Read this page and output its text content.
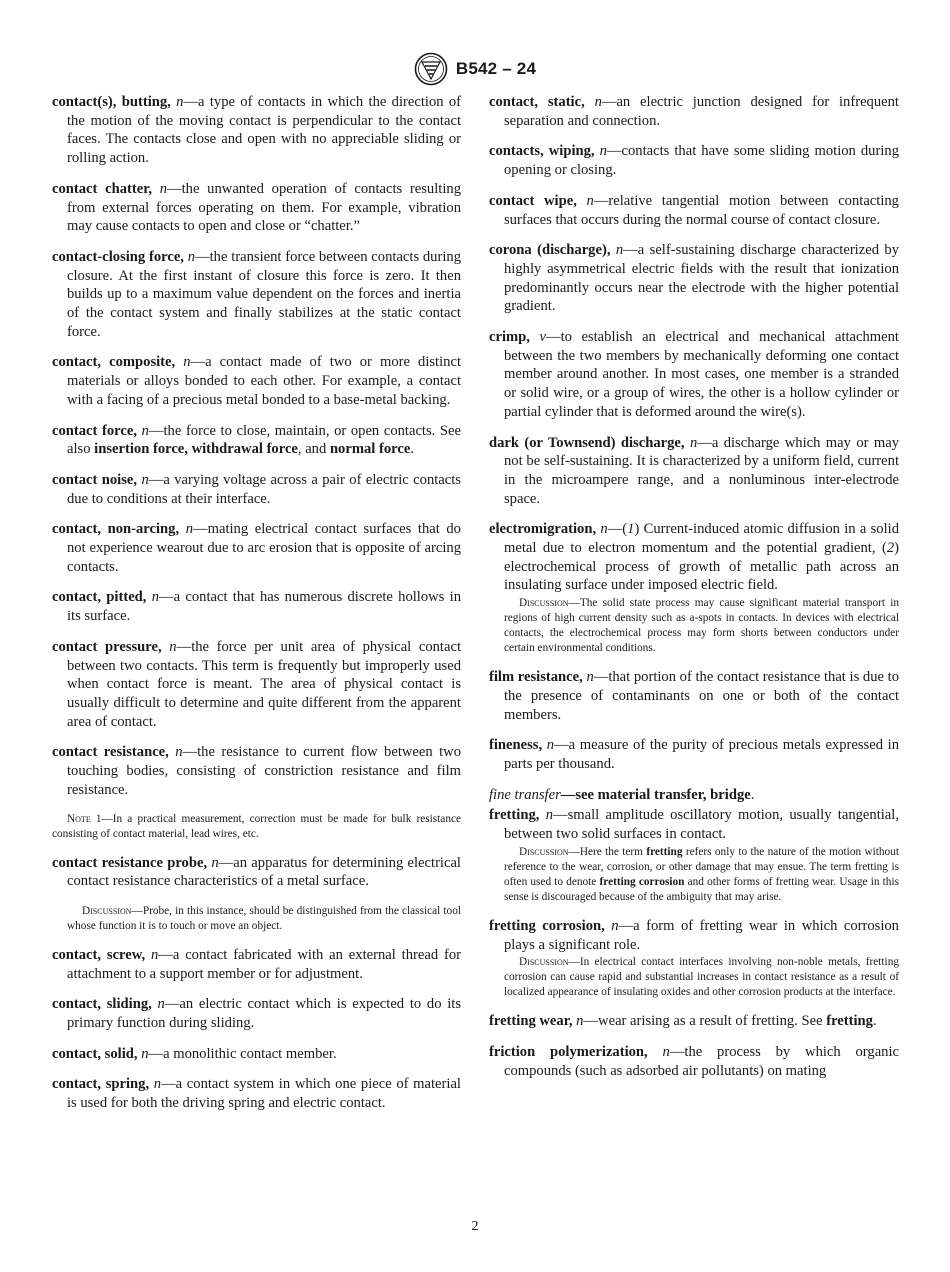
B542 – 24

contact(s), butting, n—a type of contacts in which the direction of the motion of the moving contact is perpendicular to the contact faces. The contacts close and open with no appreciable sliding or rolling action.

contact chatter, n—the unwanted operation of contacts resulting from external forces operating on them. For example, vibration may cause contacts to open and close or “chatter.”

contact-closing force, n—the transient force between contacts during closure. At the first instant of closure this force is zero. It then builds up to a maximum value dependent on the forces and inertia of the contact system and finally stabilizes at the static contact force.

contact, composite, n—a contact made of two or more distinct materials or alloys bonded to each other. For example, a contact with a facing of a precious metal bonded to a base-metal backing.

contact force, n—the force to close, maintain, or open contacts. See also insertion force, withdrawal force, and normal force.

contact noise, n—a varying voltage across a pair of electric contacts due to conditions at their interface.

contact, non-arcing, n—mating electrical contact surfaces that do not experience wearout due to arc erosion that is opposite of arcing contacts.

contact, pitted, n—a contact that has numerous discrete hollows in its surface.

contact pressure, n—the force per unit area of physical contact between two contacts. This term is frequently but improperly used when contact force is meant. The area of physical contact is usually difficult to determine and quite different from the apparent area of contact.

contact resistance, n—the resistance to current flow between two touching bodies, consisting of constriction resistance and film resistance.

Note 1—In a practical measurement, correction must be made for bulk resistance consisting of contact material, lead wires, etc.

contact resistance probe, n—an apparatus for determining electrical contact resistance characteristics of a metal surface.

Discussion—Probe, in this instance, should be distinguished from the classical tool whose function it is to touch or move an object.

contact, screw, n—a contact fabricated with an external thread for attachment to a support member or for adjustment.

contact, sliding, n—an electric contact which is expected to do its primary function during sliding.

contact, solid, n—a monolithic contact member.

contact, spring, n—a contact system in which one piece of material is used for both the driving spring and electric contact.

contact, static, n—an electric junction designed for infrequent separation and connection.

contacts, wiping, n—contacts that have some sliding motion during opening or closing.

contact wipe, n—relative tangential motion between contacting surfaces that occurs during the normal course of contact closure.

corona (discharge), n—a self-sustaining discharge characterized by highly asymmetrical electric fields with the result that ionization predominantly occurs near the electrode with the higher potential gradient.

crimp, v—to establish an electrical and mechanical attachment between the two members by mechanically deforming one contact member around another. In most cases, one member is a stranded or solid wire, or a group of wires, the other is a hollow cylinder or partial cylinder that is deformed around the wire(s).

dark (or Townsend) discharge, n—a discharge which may or may not be self-sustaining. It is characterized by a uniform field, current in the microampere range, and a nonluminous inter-electrode space.

electromigration, n—(1) Current-induced atomic diffusion in a solid metal due to electron momentum and the potential gradient, (2) electrochemical process of growth of metallic path across an insulating surface under imposed electric field.

Discussion—The solid state process may cause significant material transport in regions of high current density such as a-spots in contacts. In devices with electrical contacts, the electrochemical process may form shorts between conductors under certain environmental conditions.

film resistance, n—that portion of the contact resistance that is due to the presence of contaminants on one or both of the contact members.

fineness, n—a measure of the purity of precious metals expressed in parts per thousand.

fine transfer—see material transfer, bridge.

fretting, n—small amplitude oscillatory motion, usually tangential, between two solid surfaces in contact.

Discussion—Here the term fretting refers only to the nature of the motion without reference to the wear, corrosion, or other damage that may ensue. The term fretting is often used to denote fretting corrosion and other forms of fretting wear. Usage in this sense is discouraged because of the ambiguity that may arise.

fretting corrosion, n—a form of fretting wear in which corrosion plays a significant role.

Discussion—In electrical contact interfaces involving non-noble metals, fretting corrosion can cause rapid and substantial increases in contact resistance as a result of localized appearance of insulating oxides and other corrosion products at the interface.

fretting wear, n—wear arising as a result of fretting. See fretting.

friction polymerization, n—the process by which organic compounds (such as adsorbed air pollutants) on mating

2
